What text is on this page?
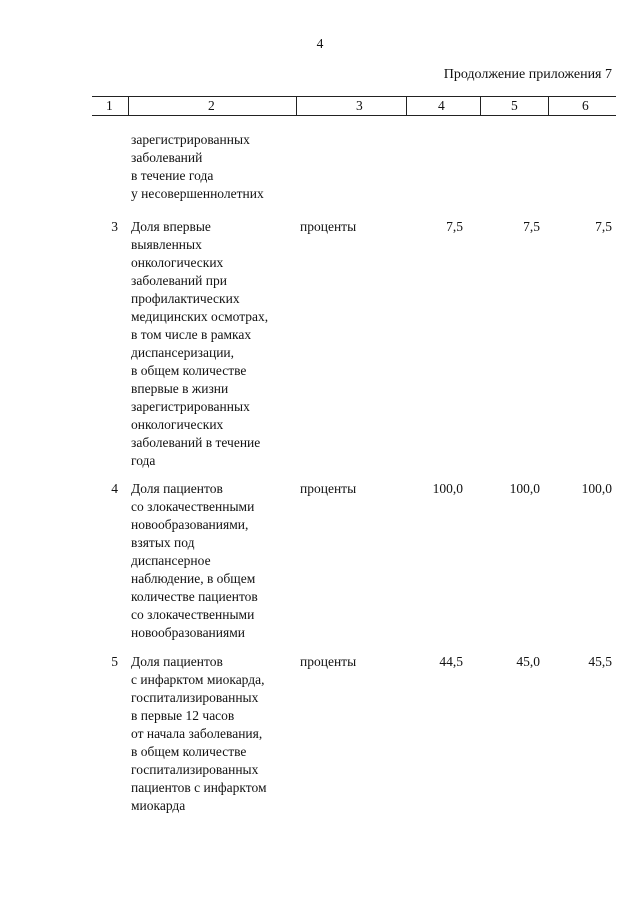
4
Продолжение приложения 7
1	2	3	4	5	6
зарегистрированных
заболеваний
в течение года
у несовершеннолетних
3 Доля впервые
выявленных
онкологических
заболеваний при
профилактических
медицинских осмотрах,
в том числе в рамках
диспансеризации,
в общем количестве
впервые в жизни
зарегистрированных
онкологических
заболеваний в течение
года
проценты	7,5	7,5	7,5
4 Доля пациентов
со злокачественными
новообразованиями,
взятых под
диспансерное
наблюдение, в общем
количестве пациентов
со злокачественными
новообразованиями
проценты	100,0	100,0	100,0
5 Доля пациентов
с инфарктом миокарда,
госпитализированных
в первые 12 часов
от начала заболевания,
в общем количестве
госпитализированных
пациентов с инфарктом
миокарда
проценты	44,5	45,0	45,5
